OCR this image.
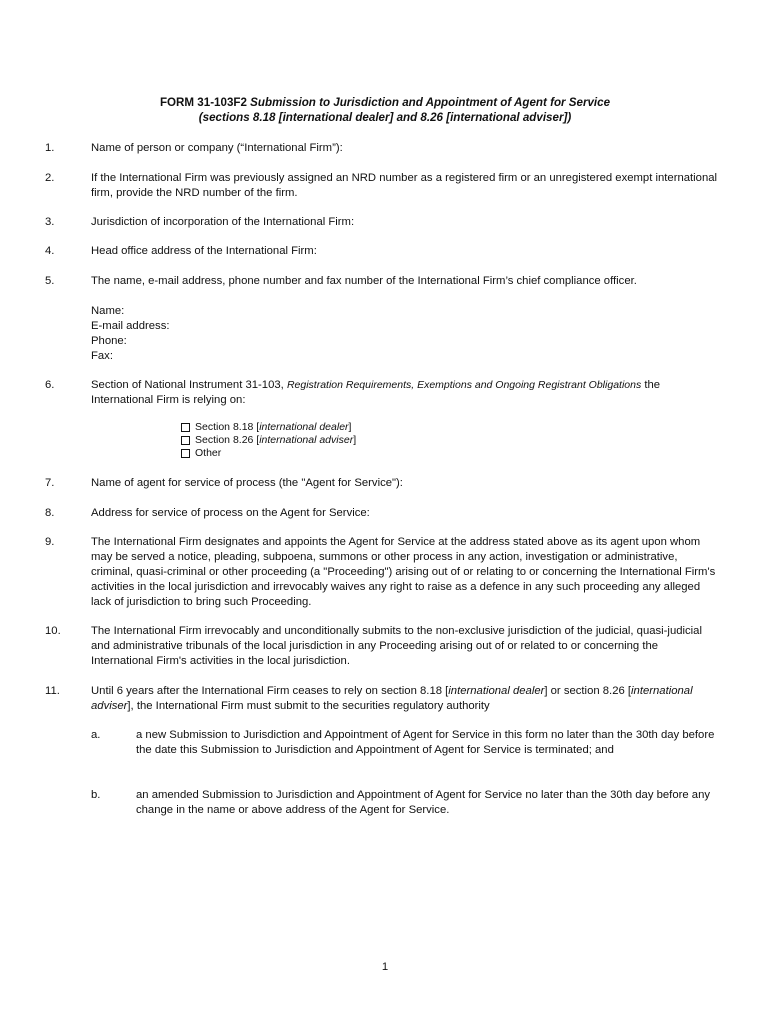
FORM 31-103F2 Submission to Jurisdiction and Appointment of Agent for Service
(sections 8.18 [international dealer] and 8.26 [international adviser])
1.	Name of person or company (“International Firm”):
2.	If the International Firm was previously assigned an NRD number as a registered firm or an unregistered exempt international firm, provide the NRD number of the firm.
3.	Jurisdiction of incorporation of the International Firm:
4.	Head office address of the International Firm:
5.	The name, e-mail address, phone number and fax number of the International Firm’s chief compliance officer.
Name:
E-mail address:
Phone:
Fax:
6.	Section of National Instrument 31-103, Registration Requirements, Exemptions and Ongoing Registrant Obligations the International Firm is relying on:
Section 8.18 [international dealer]
Section 8.26 [international adviser]
Other
7.	Name of agent for service of process (the "Agent for Service"):
8.	Address for service of process on the Agent for Service:
9.	The International Firm designates and appoints the Agent for Service at the address stated above as its agent upon whom may be served a notice, pleading, subpoena, summons or other process in any action, investigation or administrative, criminal, quasi-criminal or other proceeding (a "Proceeding") arising out of or relating to or concerning the International Firm's activities in the local jurisdiction and irrevocably waives any right to raise as a defence in any such proceeding any alleged lack of jurisdiction to bring such Proceeding.
10.	The International Firm irrevocably and unconditionally submits to the non-exclusive jurisdiction of the judicial, quasi-judicial and administrative tribunals of the local jurisdiction in any Proceeding arising out of or related to or concerning the International Firm's activities in the local jurisdiction.
11.	Until 6 years after the International Firm ceases to rely on section 8.18 [international dealer] or section 8.26 [international adviser], the International Firm must submit to the securities regulatory authority
a.	a new Submission to Jurisdiction and Appointment of Agent for Service in this form no later than the 30th day before the date this Submission to Jurisdiction and Appointment of Agent for Service is terminated; and
b.	an amended Submission to Jurisdiction and Appointment of Agent for Service no later than the 30th day before any change in the name or above address of the Agent for Service.
1
